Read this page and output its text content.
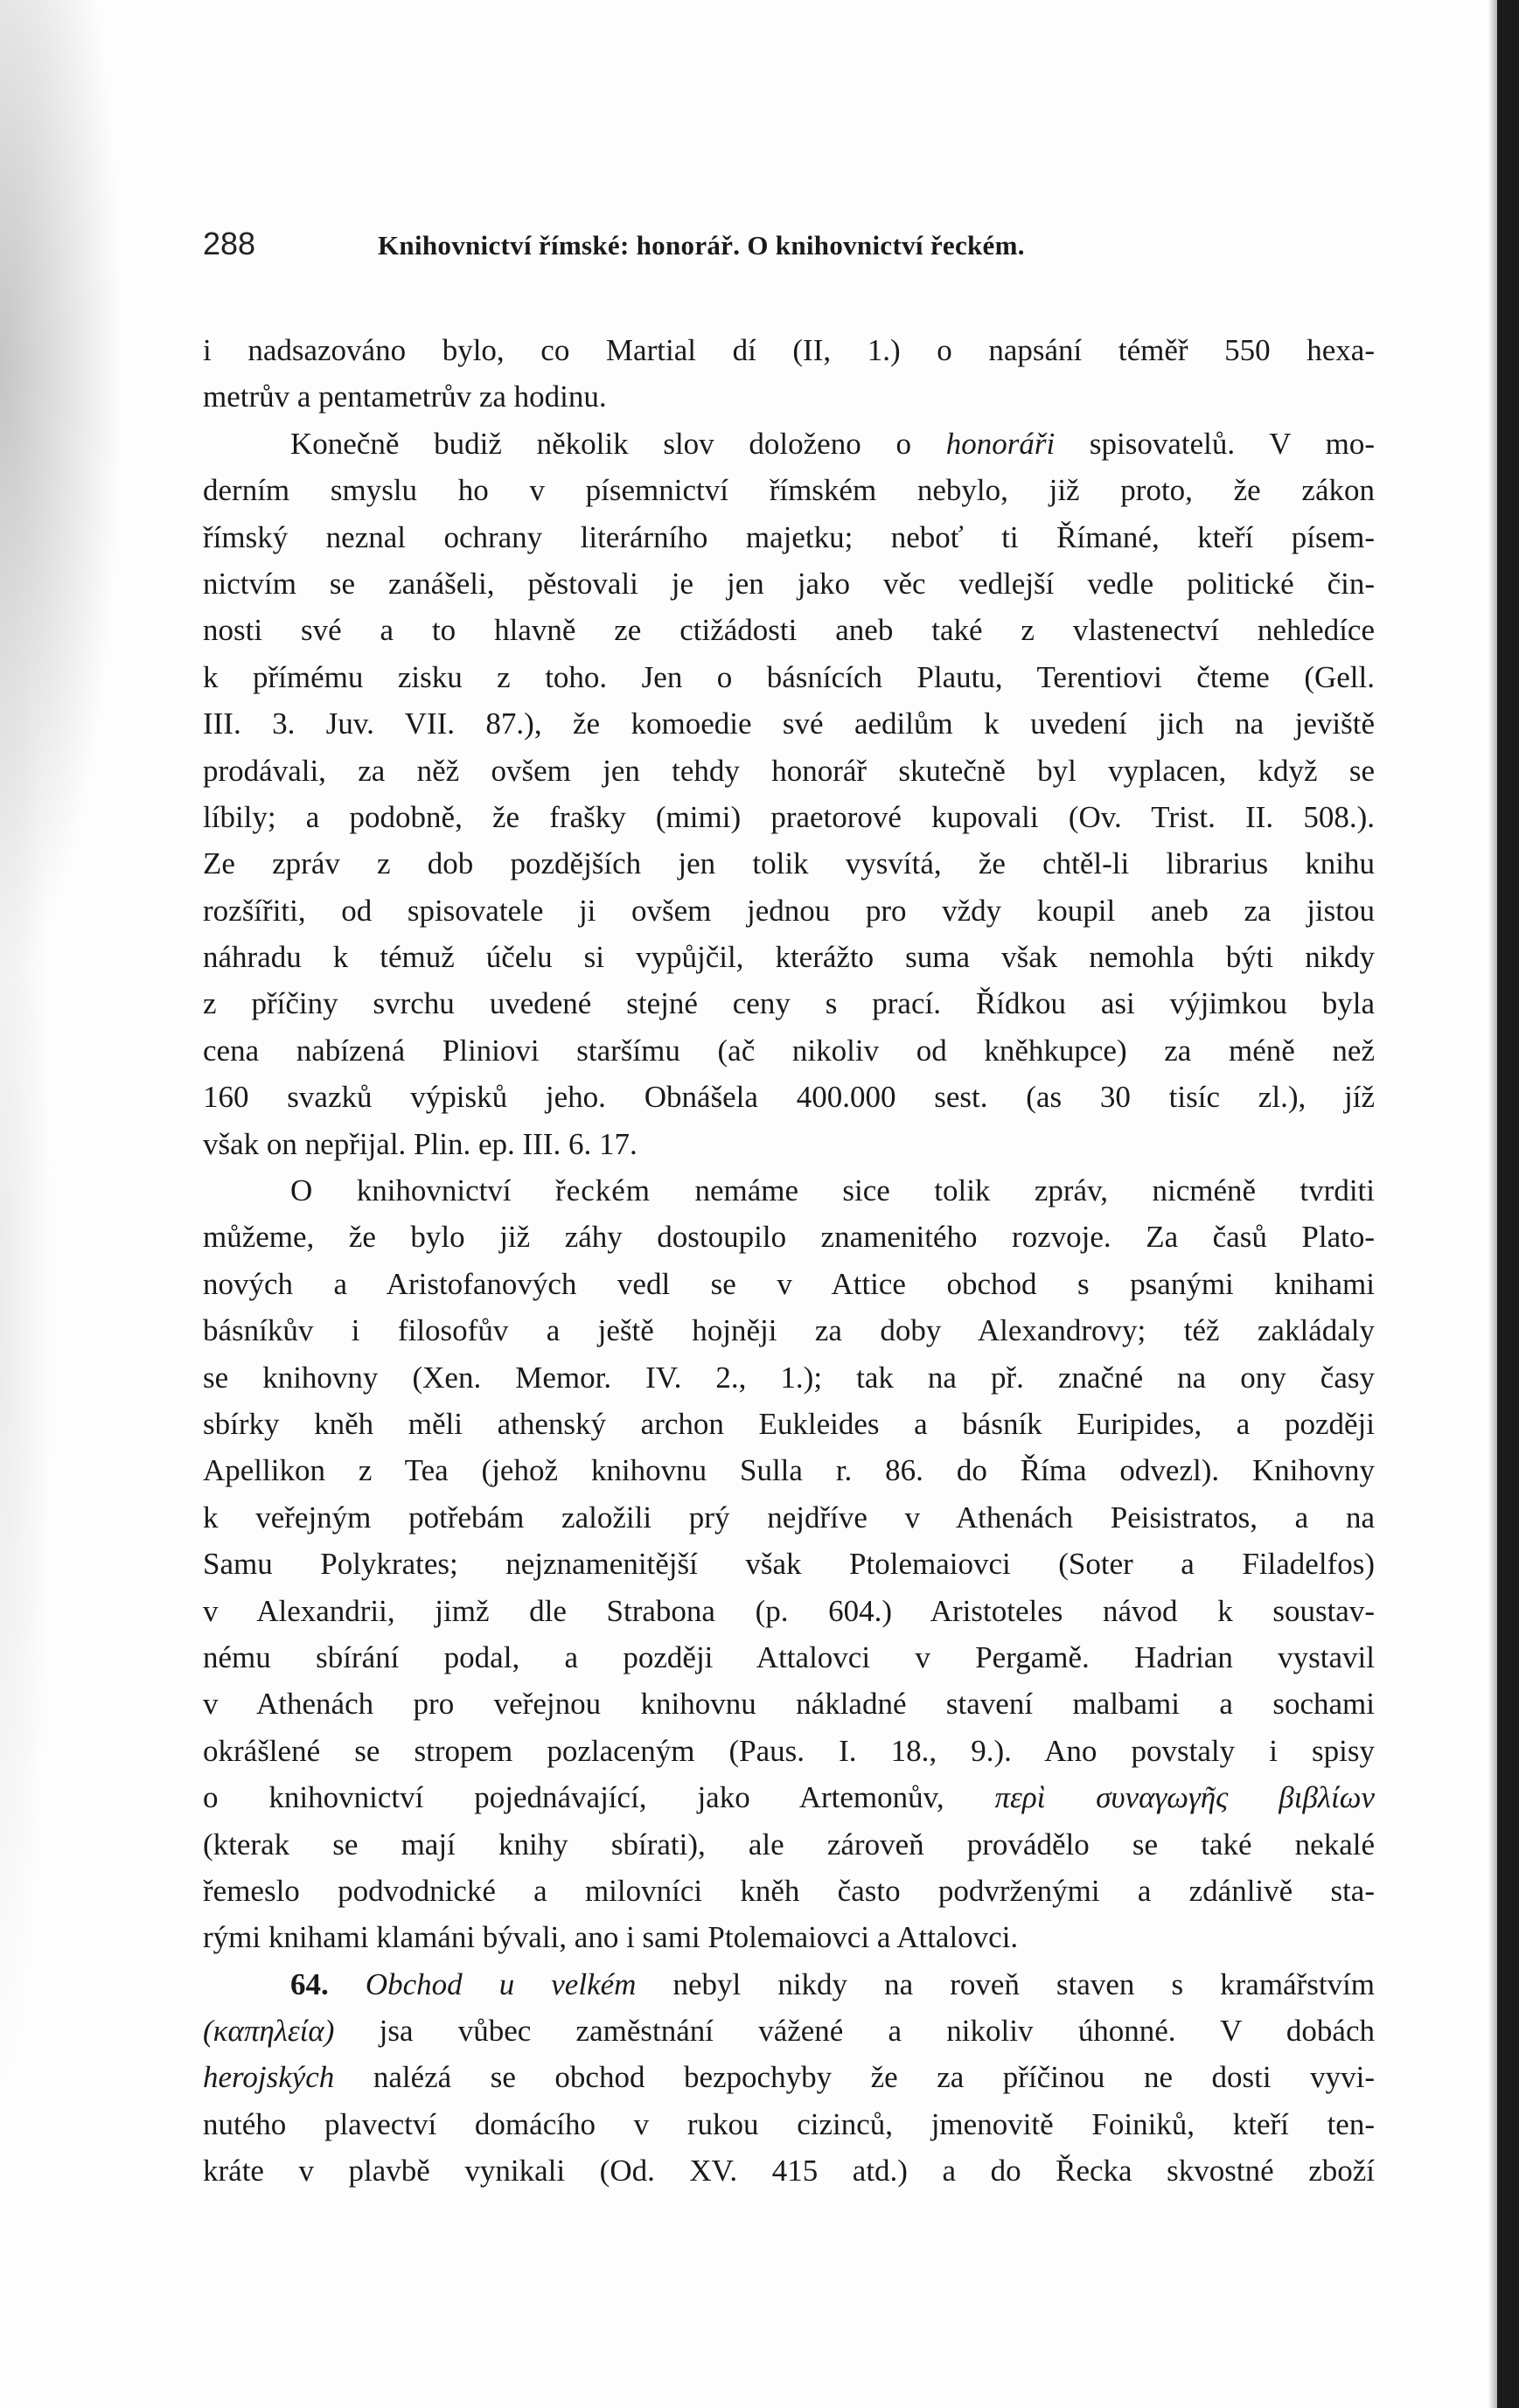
288	Knihovnictví římské: honorář. O knihovnictví řeckém.
i nadsazováno bylo, co Martial dí (II, 1.) o napsání téměř 550 hexa-
metrův a pentametrův za hodinu.
Konečně budiž několik slov doloženo o honoráři spisovatelů. V mo-
derním smyslu ho v písemnictví římském nebylo, již proto, že zákon
římský neznal ochrany literárního majetku; neboť ti Římané, kteří písem-
nictvím se zanášeli, pěstovali je jen jako věc vedlejší vedle politické čin-
nosti své a to hlavně ze ctižádosti aneb také z vlastenectví nehledíce
k přímému zisku z toho. Jen o básnících Plautu, Terentiovi čteme (Gell.
III. 3. Juv. VII. 87.), že komoedie své aedilům k uvedení jich na jeviště
prodávali, za něž ovšem jen tehdy honorář skutečně byl vyplacen, když se
líbily; a podobně, že frašky (mimi) praetorové kupovali (Ov. Trist. II. 508.).
Ze zpráv z dob pozdějších jen tolik vysvítá, že chtěl-li librarius knihu
rozšířiti, od spisovatele ji ovšem jednou pro vždy koupil aneb za jistou
náhradu k témuž účelu si vypůjčil, kterážto suma však nemohla býti nikdy
z příčiny svrchu uvedené stejné ceny s prací. Řídkou asi výjimkou byla
cena nabízená Pliniovi staršímu (ač nikoliv od kněhkupce) za méně než
160 svazků výpisků jeho. Obnášela 400.000 sest. (as 30 tisíc zl.), jíž
však on nepřijal. Plin. ep. III. 6. 17.
O knihovnictví řeckém nemáme sice tolik zpráv, nicméně tvrditi
můžeme, že bylo již záhy dostoupilo znamenitého rozvoje. Za časů Plato-
nových a Aristofanových vedl se v Attice obchod s psanými knihami
básníkův i filosofův a ještě hojněji za doby Alexandrovy; též zakládaly
se knihovny (Xen. Memor. IV. 2., 1.); tak na př. značné na ony časy
sbírky kněh měli athenský archon Eukleides a básník Euripides, a později
Apellikon z Tea (jehož knihovnu Sulla r. 86. do Říma odvezl). Knihovny
k veřejným potřebám založili prý nejdříve v Athenách Peisistratos, a na
Samu Polykrates; nejznamenitější však Ptolemaiovci (Soter a Filadelfos)
v Alexandrii, jimž dle Strabona (p. 604.) Aristoteles návod k soustav-
nému sbírání podal, a později Attalovci v Pergamě. Hadrian vystavil
v Athenách pro veřejnou knihovnu nákladné stavení malbami a sochami
okrášlené se stropem pozlaceným (Paus. I. 18., 9.). Ano povstaly i spisy
o knihovnictví pojednávající, jako Artemonův, περὶ συναγωγῆς βιβλίων
(kterak se mají knihy sbírati), ale zároveň provádělo se také nekalé
řemeslo podvodnické a milovníci kněh často podvrženými a zdánlivě sta-
rými knihami klamáni bývali, ano i sami Ptolemaiovci a Attalovci.
64. Obchod u velkém nebyl nikdy na roveň staven s kramářstvím
(καπηλεία) jsa vůbec zaměstnání vážené a nikoliv úhonné. V dobách
herojských nalézá se obchod bezpochyby že za příčinou ne dosti vyvi-
nutého plavectví domácího v rukou cizinců, jmenovitě Foiniků, kteří ten-
kráte v plavbě vynikali (Od. XV. 415 atd.) a do Řecka skvostné zboží
